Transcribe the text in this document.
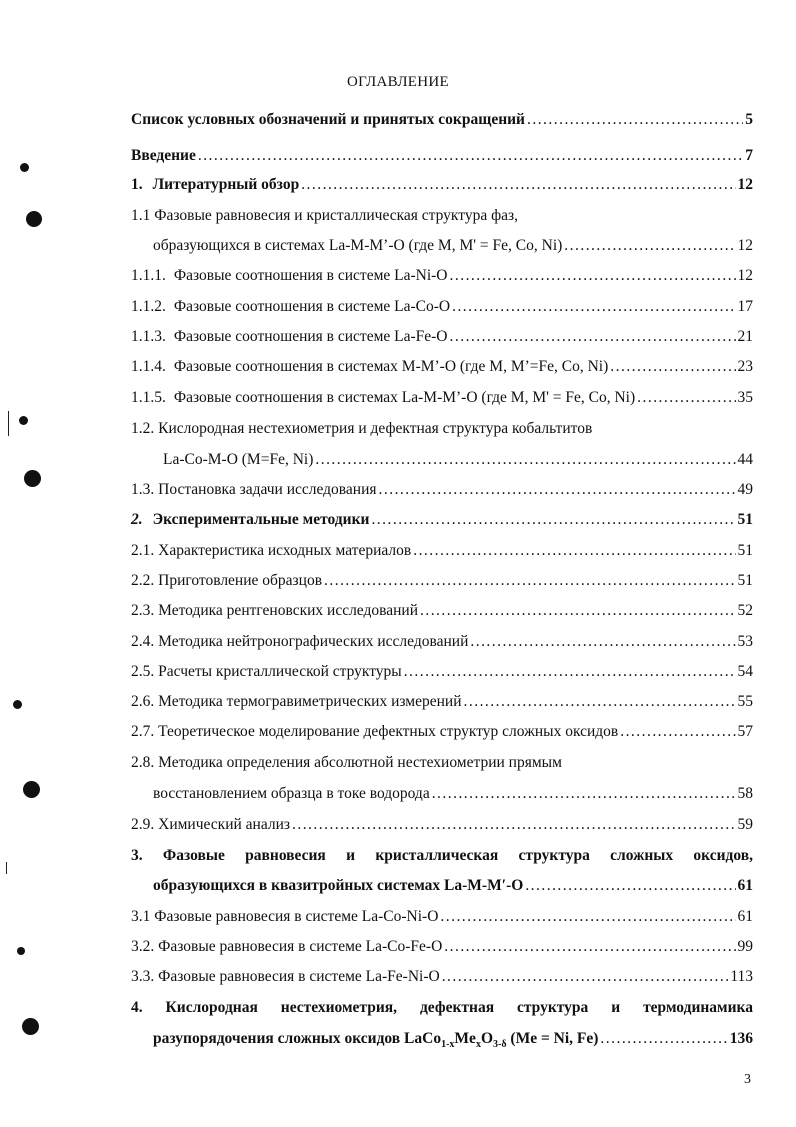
ОГЛАВЛЕНИЕ
Список условных обозначений и принятых сокращений . . .	5
Введение . . .	7
1. Литературный обзор . . .	12
1.1 Фазовые равновесия и кристаллическая структура фаз,
образующихся в системах La-M-M’-O (где M, M' = Fe, Co, Ni) . . .	12
1.1.1. Фазовые соотношения в системе La-Ni-O . . .	12
1.1.2. Фазовые соотношения в системе La-Co-O . . .	17
1.1.3. Фазовые соотношения в системе La-Fe-O . . .	21
1.1.4. Фазовые соотношения в системах M-M’-O (где M, M’=Fe, Co, Ni) . . .	23
1.1.5. Фазовые соотношения в системах La-M-M’-O (где M, M' = Fe, Co, Ni) . . .	35
1.2. Кислородная нестехиометрия и дефектная структура кобальтитов
La-Co-M-O (M=Fe, Ni) . . .	44
1.3. Постановка задачи исследования . . .	49
2. Экспериментальные методики . . .	51
2.1. Характеристика исходных материалов . . .	51
2.2. Приготовление образцов . . .	51
2.3. Методика рентгеновских исследований . . .	52
2.4. Методика нейтронографических исследований . . .	53
2.5. Расчеты кристаллической структуры . . .	54
2.6. Методика термогравиметрических измерений . . .	55
2.7. Теоретическое моделирование дефектных структур сложных оксидов . . .	57
2.8. Методика определения абсолютной нестехиометрии прямым
восстановлением образца в токе водорода . . .	58
2.9. Химический анализ . . .	59
3. Фазовые равновесия и кристаллическая структура сложных оксидов,
образующихся в квазитройных системах La-M-M′-O . . .	61
3.1 Фазовые равновесия в системе La-Co-Ni-O . . .	61
3.2. Фазовые равновесия в системе La-Co-Fe-O . . .	99
3.3. Фазовые равновесия в системе La-Fe-Ni-O . . .	113
4. Кислородная нестехиометрия, дефектная структура и термодинамика
разупорядочения сложных оксидов $LaCo_{1-x}Me_xO_{3-\delta}$ (Me = Ni, Fe) . . .	136
3
